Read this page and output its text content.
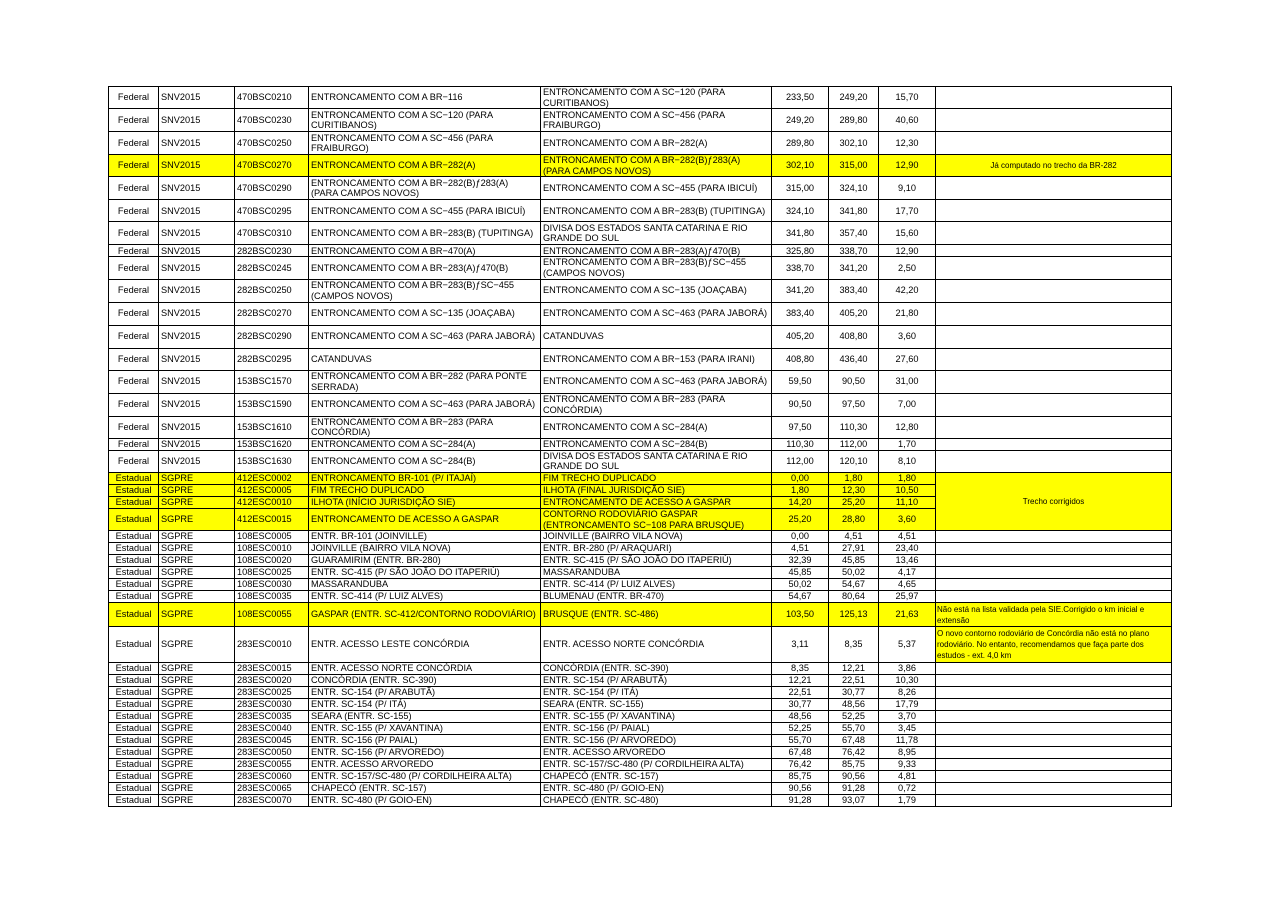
Federal	SNV2015	470BSC0210	ENTRONCAMENTO COM A BR−116	ENTRONCAMENTO COM A SC−120 (PARA CURITIBANOS)	233,50	249,20	15,70	
Federal	SNV2015	470BSC0230	ENTRONCAMENTO COM A SC−120 (PARA CURITIBANOS)	ENTRONCAMENTO COM A SC−456 (PARA FRAIBURGO)	249,20	289,80	40,60	
Federal	SNV2015	470BSC0250	ENTRONCAMENTO COM A SC−456 (PARA FRAIBURGO)	ENTRONCAMENTO COM A BR−282(A)	289,80	302,10	12,30	
Federal	SNV2015	470BSC0270	ENTRONCAMENTO COM A BR−282(A)	ENTRONCAMENTO COM A BR−282(B)ƒ283(A) (PARA CAMPOS NOVOS)	302,10	315,00	12,90	Já computado no trecho da BR-282
Federal	SNV2015	470BSC0290	ENTRONCAMENTO COM A BR−282(B)ƒ283(A) (PARA CAMPOS NOVOS)	ENTRONCAMENTO COM A SC−455 (PARA IBICUÍ)	315,00	324,10	9,10	
Federal	SNV2015	470BSC0295	ENTRONCAMENTO COM A SC−455 (PARA IBICUÍ)	ENTRONCAMENTO COM A BR−283(B) (TUPITINGA)	324,10	341,80	17,70	
Federal	SNV2015	470BSC0310	ENTRONCAMENTO COM A BR−283(B) (TUPITINGA)	DIVISA DOS ESTADOS SANTA CATARINA E RIO GRANDE DO SUL	341,80	357,40	15,60	
Federal	SNV2015	282BSC0230	ENTRONCAMENTO COM A BR−470(A)	ENTRONCAMENTO COM A BR−283(A)ƒ470(B)	325,80	338,70	12,90	
Federal	SNV2015	282BSC0245	ENTRONCAMENTO COM A BR−283(A)ƒ470(B)	ENTRONCAMENTO COM A BR−283(B)ƒSC−455 (CAMPOS NOVOS)	338,70	341,20	2,50	
Federal	SNV2015	282BSC0250	ENTRONCAMENTO COM A BR−283(B)ƒSC−455 (CAMPOS NOVOS)	ENTRONCAMENTO COM A SC−135 (JOAÇABA)	341,20	383,40	42,20	
Federal	SNV2015	282BSC0270	ENTRONCAMENTO COM A SC−135 (JOAÇABA)	ENTRONCAMENTO COM A SC−463 (PARA JABORÁ)	383,40	405,20	21,80	
Federal	SNV2015	282BSC0290	ENTRONCAMENTO COM A SC−463 (PARA JABORÁ)	CATANDUVAS	405,20	408,80	3,60	
Federal	SNV2015	282BSC0295	CATANDUVAS	ENTRONCAMENTO COM A BR−153 (PARA IRANI)	408,80	436,40	27,60	
Federal	SNV2015	153BSC1570	ENTRONCAMENTO COM A BR−282 (PARA PONTE SERRADA)	ENTRONCAMENTO COM A SC−463 (PARA JABORÁ)	59,50	90,50	31,00	
Federal	SNV2015	153BSC1590	ENTRONCAMENTO COM A SC−463 (PARA JABORÁ)	ENTRONCAMENTO COM A BR−283 (PARA CONCÓRDIA)	90,50	97,50	7,00	
Federal	SNV2015	153BSC1610	ENTRONCAMENTO COM A BR−283 (PARA CONCÓRDIA)	ENTRONCAMENTO COM A SC−284(A)	97,50	110,30	12,80	
Federal	SNV2015	153BSC1620	ENTRONCAMENTO COM A SC−284(A)	ENTRONCAMENTO COM A SC−284(B)	110,30	112,00	1,70	
Federal	SNV2015	153BSC1630	ENTRONCAMENTO COM A SC−284(B)	DIVISA DOS ESTADOS SANTA CATARINA E RIO GRANDE DO SUL	112,00	120,10	8,10	
Estadual	SGPRE	412ESC0002	ENTRONCAMENTO BR-101 (P/ ITAJAÍ)	FIM TRECHO DUPLICADO	0,00	1,80	1,80	Trecho corrigidos
Estadual	SGPRE	412ESC0005	FIM TRECHO DUPLICADO	ILHOTA (FINAL JURISDIÇÃO SIE)	1,80	12,30	10,50	
Estadual	SGPRE	412ESC0010	ILHOTA (INÍCIO JURISDIÇÃO SIE)	ENTRONCAMENTO DE ACESSO A GASPAR	14,20	25,20	11,10	
Estadual	SGPRE	412ESC0015	ENTRONCAMENTO DE ACESSO A GASPAR	CONTORNO RODOVIÁRIO GASPAR (ENTRONCAMENTO SC−108 PARA BRUSQUE)	25,20	28,80	3,60	
Estadual	SGPRE	108ESC0005	ENTR. BR-101 (JOINVILLE)	JOINVILLE (BAIRRO VILA NOVA)	0,00	4,51	4,51	
Estadual	SGPRE	108ESC0010	JOINVILLE (BAIRRO VILA NOVA)	ENTR. BR-280 (P/ ARAQUARI)	4,51	27,91	23,40	
Estadual	SGPRE	108ESC0020	GUARAMIRIM (ENTR. BR-280)	ENTR. SC-415 (P/ SÃO JOÃO DO ITAPERIÚ)	32,39	45,85	13,46	
Estadual	SGPRE	108ESC0025	ENTR. SC-415 (P/ SÃO JOÃO DO ITAPERIÚ)	MASSARANDUBA	45,85	50,02	4,17	
Estadual	SGPRE	108ESC0030	MASSARANDUBA	ENTR. SC-414 (P/ LUIZ ALVES)	50,02	54,67	4,65	
Estadual	SGPRE	108ESC0035	ENTR. SC-414 (P/ LUIZ ALVES)	BLUMENAU (ENTR. BR-470)	54,67	80,64	25,97	
Estadual	SGPRE	108ESC0055	GASPAR (ENTR. SC-412/CONTORNO RODOVIÁRIO)	BRUSQUE (ENTR. SC-486)	103,50	125,13	21,63	Não está na lista validada pela SIE.Corrigido o km inicial e extensão
Estadual	SGPRE	283ESC0010	ENTR. ACESSO LESTE CONCÓRDIA	ENTR. ACESSO NORTE CONCÓRDIA	3,11	8,35	5,37	O novo contorno rodoviário de Concórdia não está no plano rodoviário. No entanto, recomendamos que faça parte dos estudos - ext. 4,0 km
Estadual	SGPRE	283ESC0015	ENTR. ACESSO NORTE CONCÓRDIA	CONCÓRDIA (ENTR. SC-390)	8,35	12,21	3,86	
Estadual	SGPRE	283ESC0020	CONCÓRDIA (ENTR. SC-390)	ENTR. SC-154 (P/ ARABUTÃ)	12,21	22,51	10,30	
Estadual	SGPRE	283ESC0025	ENTR. SC-154 (P/ ARABUTÃ)	ENTR. SC-154 (P/ ITÁ)	22,51	30,77	8,26	
Estadual	SGPRE	283ESC0030	ENTR. SC-154 (P/ ITÁ)	SEARA (ENTR. SC-155)	30,77	48,56	17,79	
Estadual	SGPRE	283ESC0035	SEARA (ENTR. SC-155)	ENTR. SC-155 (P/ XAVANTINA)	48,56	52,25	3,70	
Estadual	SGPRE	283ESC0040	ENTR. SC-155 (P/ XAVANTINA)	ENTR. SC-156 (P/ PAIAL)	52,25	55,70	3,45	
Estadual	SGPRE	283ESC0045	ENTR. SC-156 (P/ PAIAL)	ENTR. SC-156 (P/ ARVOREDO)	55,70	67,48	11,78	
Estadual	SGPRE	283ESC0050	ENTR. SC-156 (P/ ARVOREDO)	ENTR. ACESSO ARVOREDO	67,48	76,42	8,95	
Estadual	SGPRE	283ESC0055	ENTR. ACESSO ARVOREDO	ENTR. SC-157/SC-480 (P/ CORDILHEIRA ALTA)	76,42	85,75	9,33	
Estadual	SGPRE	283ESC0060	ENTR. SC-157/SC-480 (P/ CORDILHEIRA ALTA)	CHAPECÓ (ENTR. SC-157)	85,75	90,56	4,81	
Estadual	SGPRE	283ESC0065	CHAPECÓ (ENTR. SC-157)	ENTR. SC-480 (P/ GOIO-EN)	90,56	91,28	0,72	
Estadual	SGPRE	283ESC0070	ENTR. SC-480 (P/ GOIO-EN)	CHAPECÓ (ENTR. SC-480)	91,28	93,07	1,79	
